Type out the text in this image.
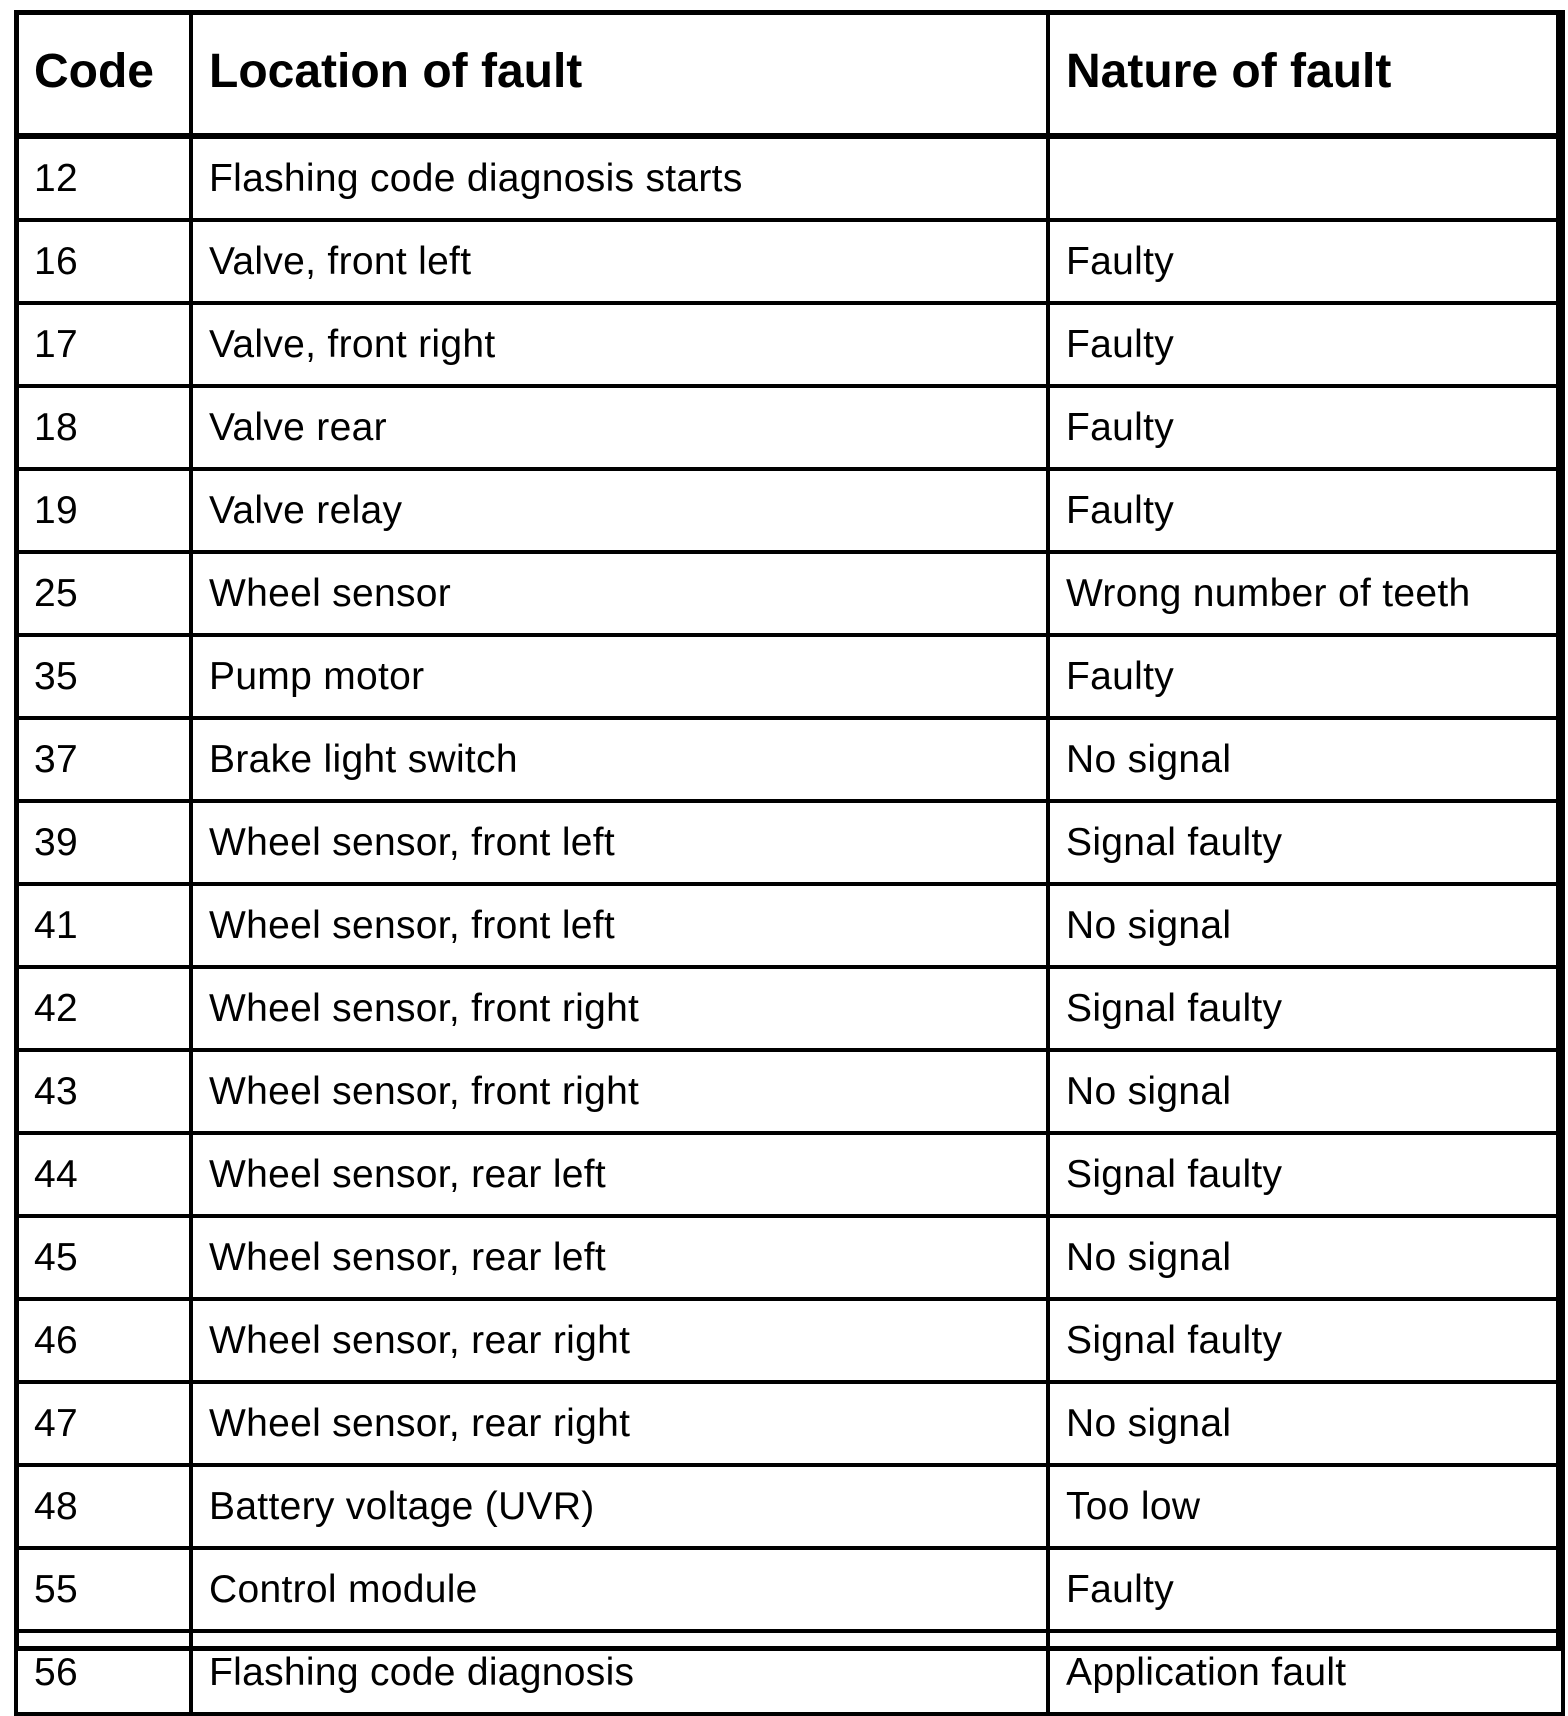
Code	Location of fault	Nature of fault
12	Flashing code diagnosis starts	
16	Valve, front left	Faulty
17	Valve, front right	Faulty
18	Valve rear	Faulty
19	Valve relay	Faulty
25	Wheel sensor	Wrong number of teeth
35	Pump motor	Faulty
37	Brake light switch	No signal
39	Wheel sensor, front left	Signal faulty
41	Wheel sensor, front left	No signal
42	Wheel sensor, front right	Signal faulty
43	Wheel sensor, front right	No signal
44	Wheel sensor, rear left	Signal faulty
45	Wheel sensor, rear left	No signal
46	Wheel sensor, rear right	Signal faulty
47	Wheel sensor, rear right	No signal
48	Battery voltage (UVR)	Too low
55	Control module	Faulty
56	Flashing code diagnosis	Application fault
